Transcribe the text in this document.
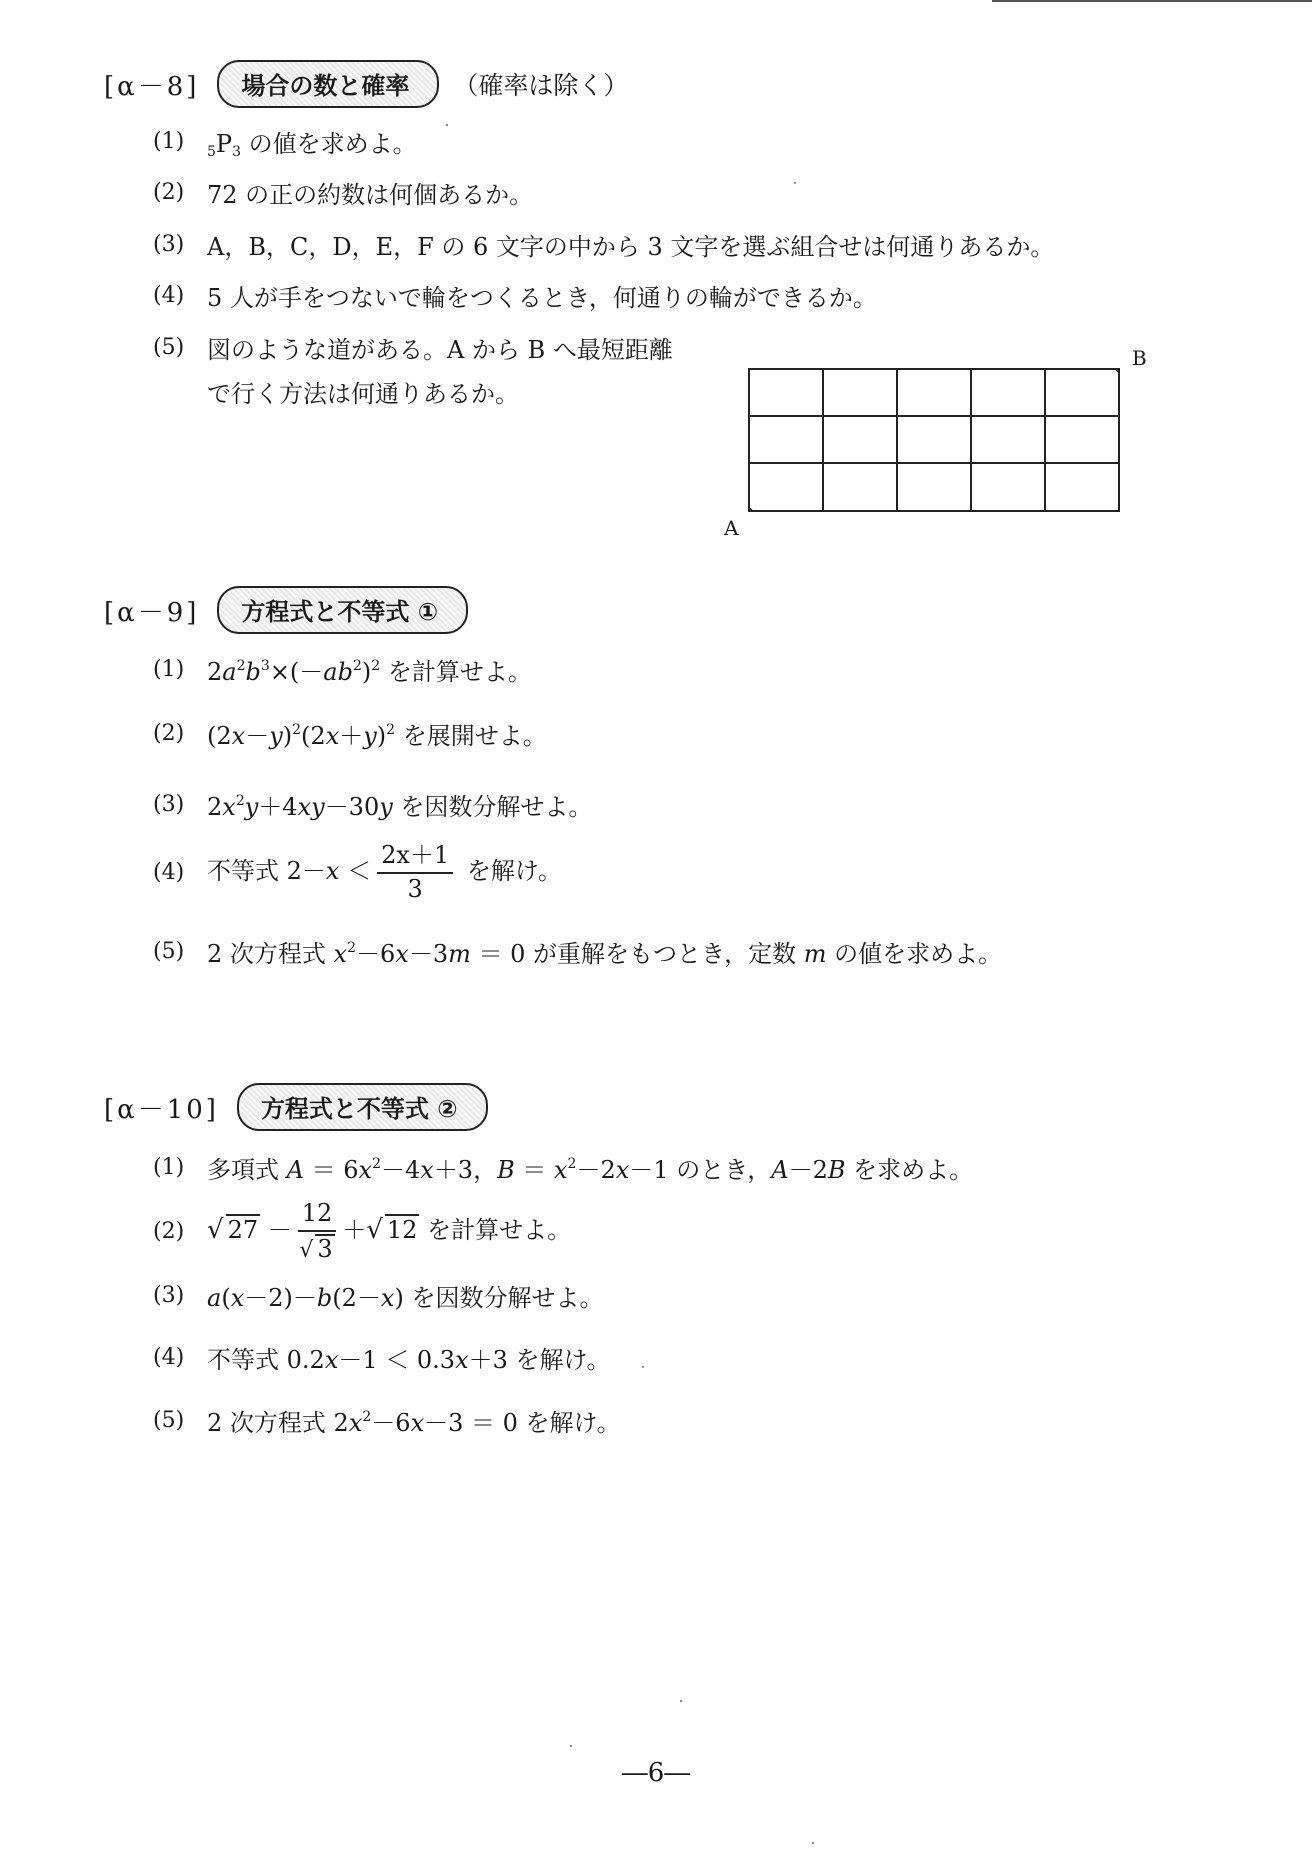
[α－8]	場合の数と確率	（確率は除く）
(1)	$_5P_3$ の値を求めよ。
(2) 72 の正の約数は何個あるか。
(3) A，B，C，D，E，F の 6 文字の中から 3 文字を選ぶ組合せは何通りあるか。
(4) 5 人が手をつないで輪をつくるとき，何通りの輪ができるか。
(5) 図のような道がある。A から B へ最短距離
で行く方法は何通りあるか。
A
B
[α－9]	方程式と不等式 ①
(1) $2a^2b^3\times(-ab^2)^2$ を計算せよ。
(2) $(2x-y)^2(2x+y)^2$ を展開せよ。
(3) $2x^2y+4xy-30y$ を因数分解せよ。
(4) 不等式 $2-x < \frac{2x+1}{3}$ を解け。
(5) 2 次方程式 $x^2-6x-3m = 0$ が重解をもつとき，定数 m の値を求めよ。
[α－10]	方程式と不等式 ②
(1) 多項式 $A = 6x^2-4x+3$，$B = x^2-2x-1$ のとき，A－2B を求めよ。
(2) √ $27 - \frac{12}{√ 3}$ ＋√ 12 を計算せよ。
(3) a(x－2)－b(2－x) を因数分解せよ。
(4) 不等式 0.2x－1 ＜ 0.3x＋3 を解け。
(5) 2 次方程式 $2x^2-6x-3 = 0$ を解け。
―6―
